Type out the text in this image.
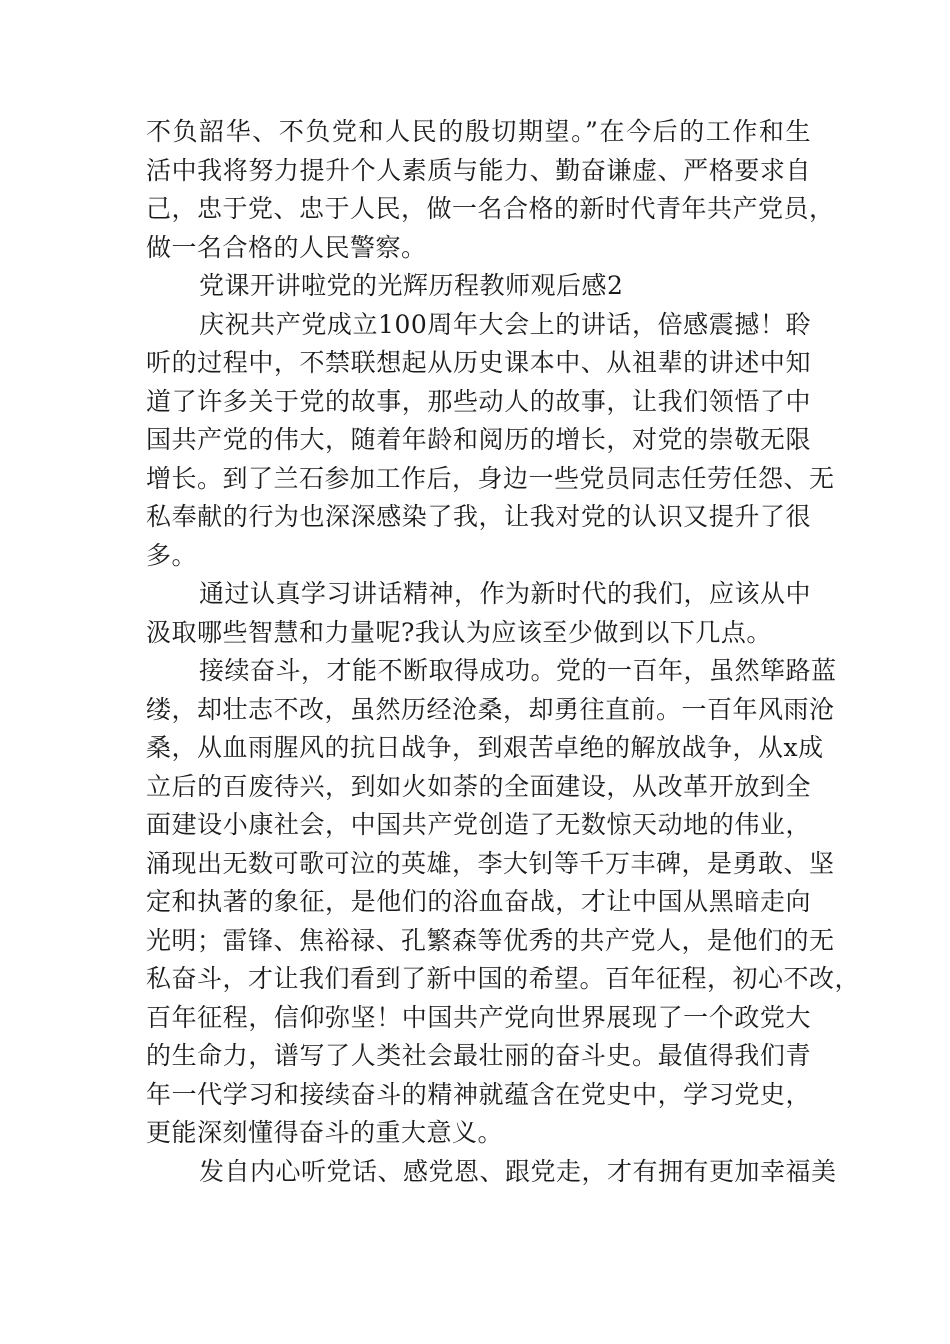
不负韶华、不负党和人民的殷切期望。”在今后的工作和生
活中我将努力提升个人素质与能力、勤奋谦虚、严格要求自
己，忠于党、忠于人民，做一名合格的新时代青年共产党员，
做一名合格的人民警察。

党课开讲啦党的光辉历程教师观后感2

庆祝共产党成立100周年大会上的讲话，倍感震撼！聆
听的过程中，不禁联想起从历史课本中、从祖辈的讲述中知
道了许多关于党的故事，那些动人的故事，让我们领悟了中
国共产党的伟大，随着年龄和阅历的增长，对党的崇敬无限
增长。到了兰石参加工作后，身边一些党员同志任劳任怨、无
私奉献的行为也深深感染了我，让我对党的认识又提升了很
多。

通过认真学习讲话精神，作为新时代的我们，应该从中
汲取哪些智慧和力量呢?我认为应该至少做到以下几点。

接续奋斗，才能不断取得成功。党的一百年，虽然筚路蓝
缕，却壮志不改，虽然历经沧桑，却勇往直前。一百年风雨沧
桑，从血雨腥风的抗日战争，到艰苦卓绝的解放战争，从x成
立后的百废待兴，到如火如荼的全面建设，从改革开放到全
面建设小康社会，中国共产党创造了无数惊天动地的伟业，
涌现出无数可歌可泣的英雄，李大钊等千万丰碑，是勇敢、坚
定和执著的象征，是他们的浴血奋战，才让中国从黑暗走向
光明；雷锋、焦裕禄、孔繁森等优秀的共产党人，是他们的无
私奋斗，才让我们看到了新中国的希望。百年征程，初心不改，
百年征程，信仰弥坚！中国共产党向世界展现了一个政党大
的生命力，谱写了人类社会最壮丽的奋斗史。最值得我们青
年一代学习和接续奋斗的精神就蕴含在党史中，学习党史，
更能深刻懂得奋斗的重大意义。

发自内心听党话、感党恩、跟党走，才有拥有更加幸福美
